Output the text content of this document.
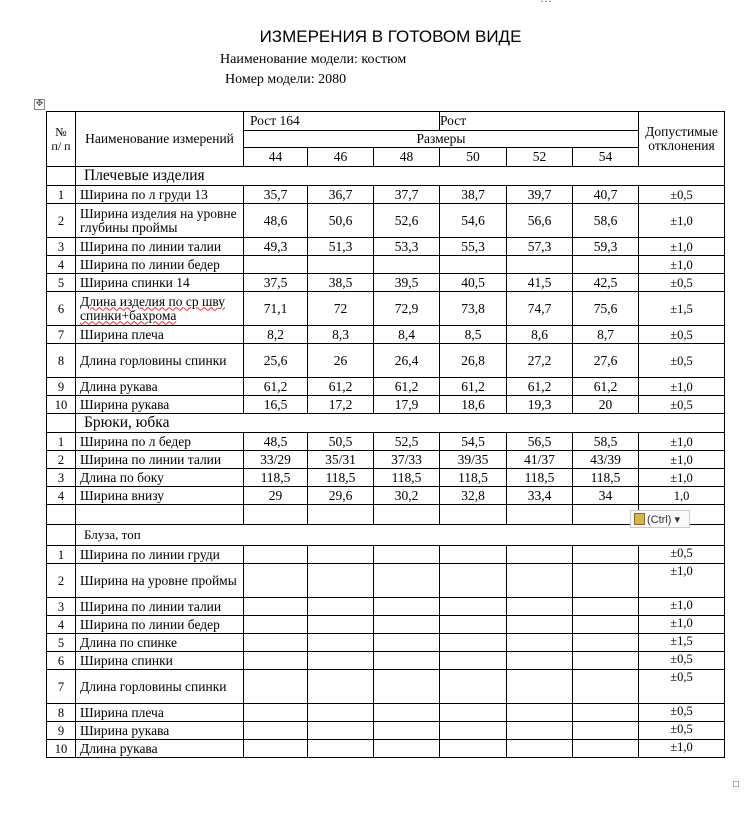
ИЗМЕРЕНИЯ В ГОТОВОМ ВИДЕ
Наименование модели: костюм
Номер модели: 2080
✥
№ п/ п	Наименование измерений	Рост 164			Рост			Допустимые отклонения
		Размеры						
		44	46	48	50	52	54	
	Плечевые изделия							
1	Ширина по л груди 13	35,7	36,7	37,7	38,7	39,7	40,7	±0,5
2	Ширина изделия на уровне глубины проймы	48,6	50,6	52,6	54,6	56,6	58,6	±1,0
3	Ширина по линии талии	49,3	51,3	53,3	55,3	57,3	59,3	±1,0
4	Ширина по линии бедер							±1,0
5	Ширина спинки 14	37,5	38,5	39,5	40,5	41,5	42,5	±0,5
6	Длина изделия по ср шву спинки+бахрома	71,1	72	72,9	73,8	74,7	75,6	±1,5
7	Ширина плеча	8,2	8,3	8,4	8,5	8,6	8,7	±0,5
8	Длина горловины спинки	25,6	26	26,4	26,8	27,2	27,6	±0,5
9	Длина рукава	61,2	61,2	61,2	61,2	61,2	61,2	±1,0
10	Ширина рукава	16,5	17,2	17,9	18,6	19,3	20	±0,5
	Брюки, юбка							
1	Ширина по л бедер	48,5	50,5	52,5	54,5	56,5	58,5	±1,0
2	Ширина по линии талии	33/29	35/31	37/33	39/35	41/37	43/39	±1,0
3	Длина по боку	118,5	118,5	118,5	118,5	118,5	118,5	±1,0
4	Ширина внизу	29	29,6	30,2	32,8	33,4	34	1,0

	Блуза, топ							
1	Ширина по линии груди							±0,5
2	Ширина на уровне проймы							±1,0
3	Ширина по линии талии							±1,0
4	Ширина по линии бедер							±1,0
5	Длина по спинке							±1,5
6	Ширина спинки							±0,5
7	Длина горловины спинки							±0,5
8	Ширина плеча							±0,5
9	Ширина рукава							±0,5
10	Длина рукава							±1,0
(Ctrl) ▾
